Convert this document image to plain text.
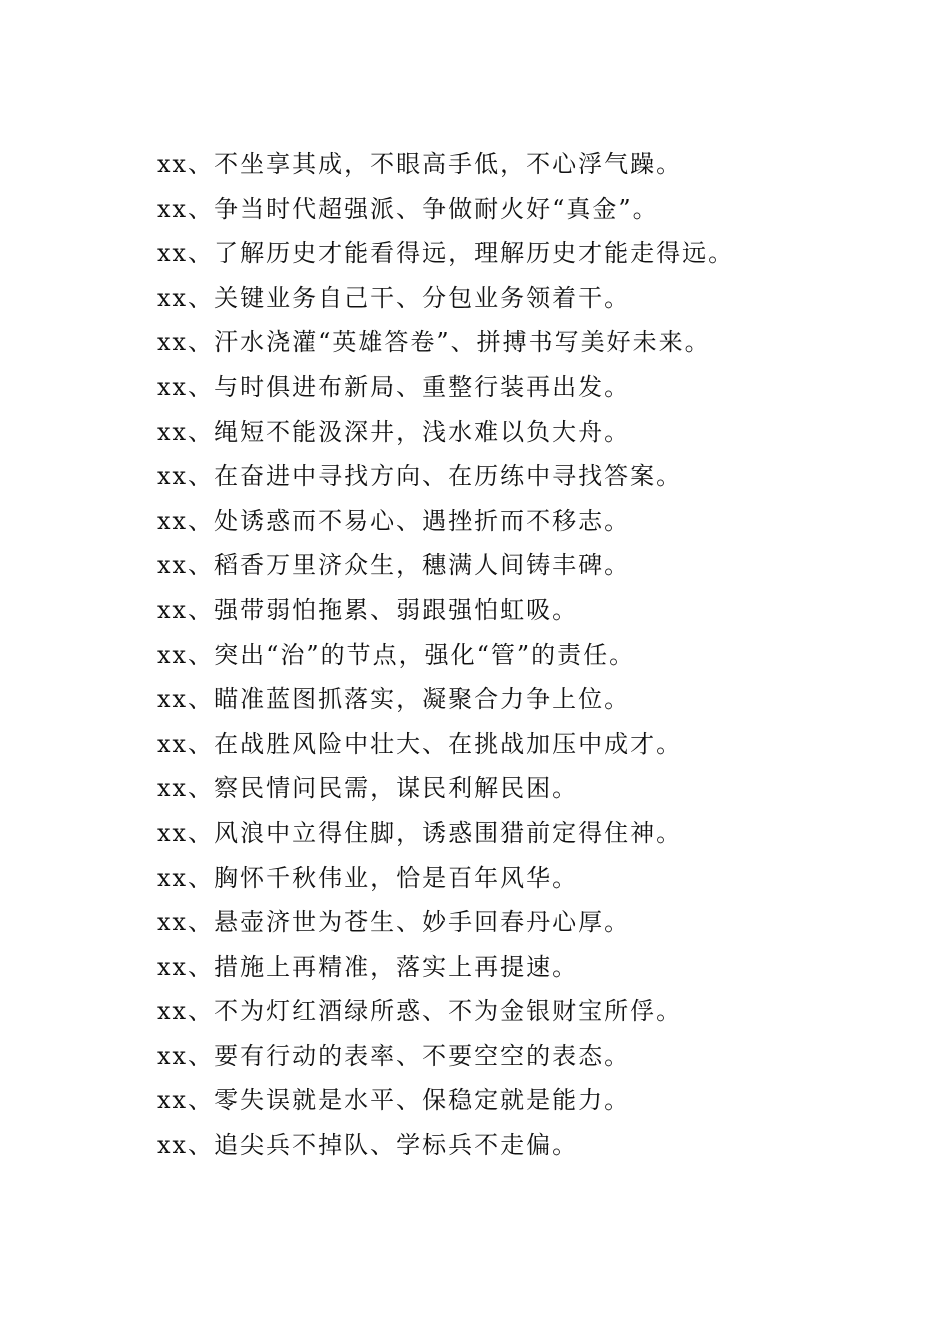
xx、不坐享其成，不眼高手低，不心浮气躁。
xx、争当时代超强派、争做耐火好“真金”。
xx、了解历史才能看得远，理解历史才能走得远。
xx、关键业务自己干、分包业务领着干。
xx、汗水浇灌“英雄答卷”、拼搏书写美好未来。
xx、与时俱进布新局、重整行装再出发。
xx、绳短不能汲深井，浅水难以负大舟。
xx、在奋进中寻找方向、在历练中寻找答案。
xx、处诱惑而不易心、遇挫折而不移志。
xx、稻香万里济众生，穗满人间铸丰碑。
xx、强带弱怕拖累、弱跟强怕虹吸。
xx、突出“治”的节点，强化“管”的责任。
xx、瞄准蓝图抓落实，凝聚合力争上位。
xx、在战胜风险中壮大、在挑战加压中成才。
xx、察民情问民需，谋民利解民困。
xx、风浪中立得住脚，诱惑围猎前定得住神。
xx、胸怀千秋伟业，恰是百年风华。
xx、悬壶济世为苍生、妙手回春丹心厚。
xx、措施上再精准，落实上再提速。
xx、不为灯红酒绿所惑、不为金银财宝所俘。
xx、要有行动的表率、不要空空的表态。
xx、零失误就是水平、保稳定就是能力。
xx、追尖兵不掉队、学标兵不走偏。
